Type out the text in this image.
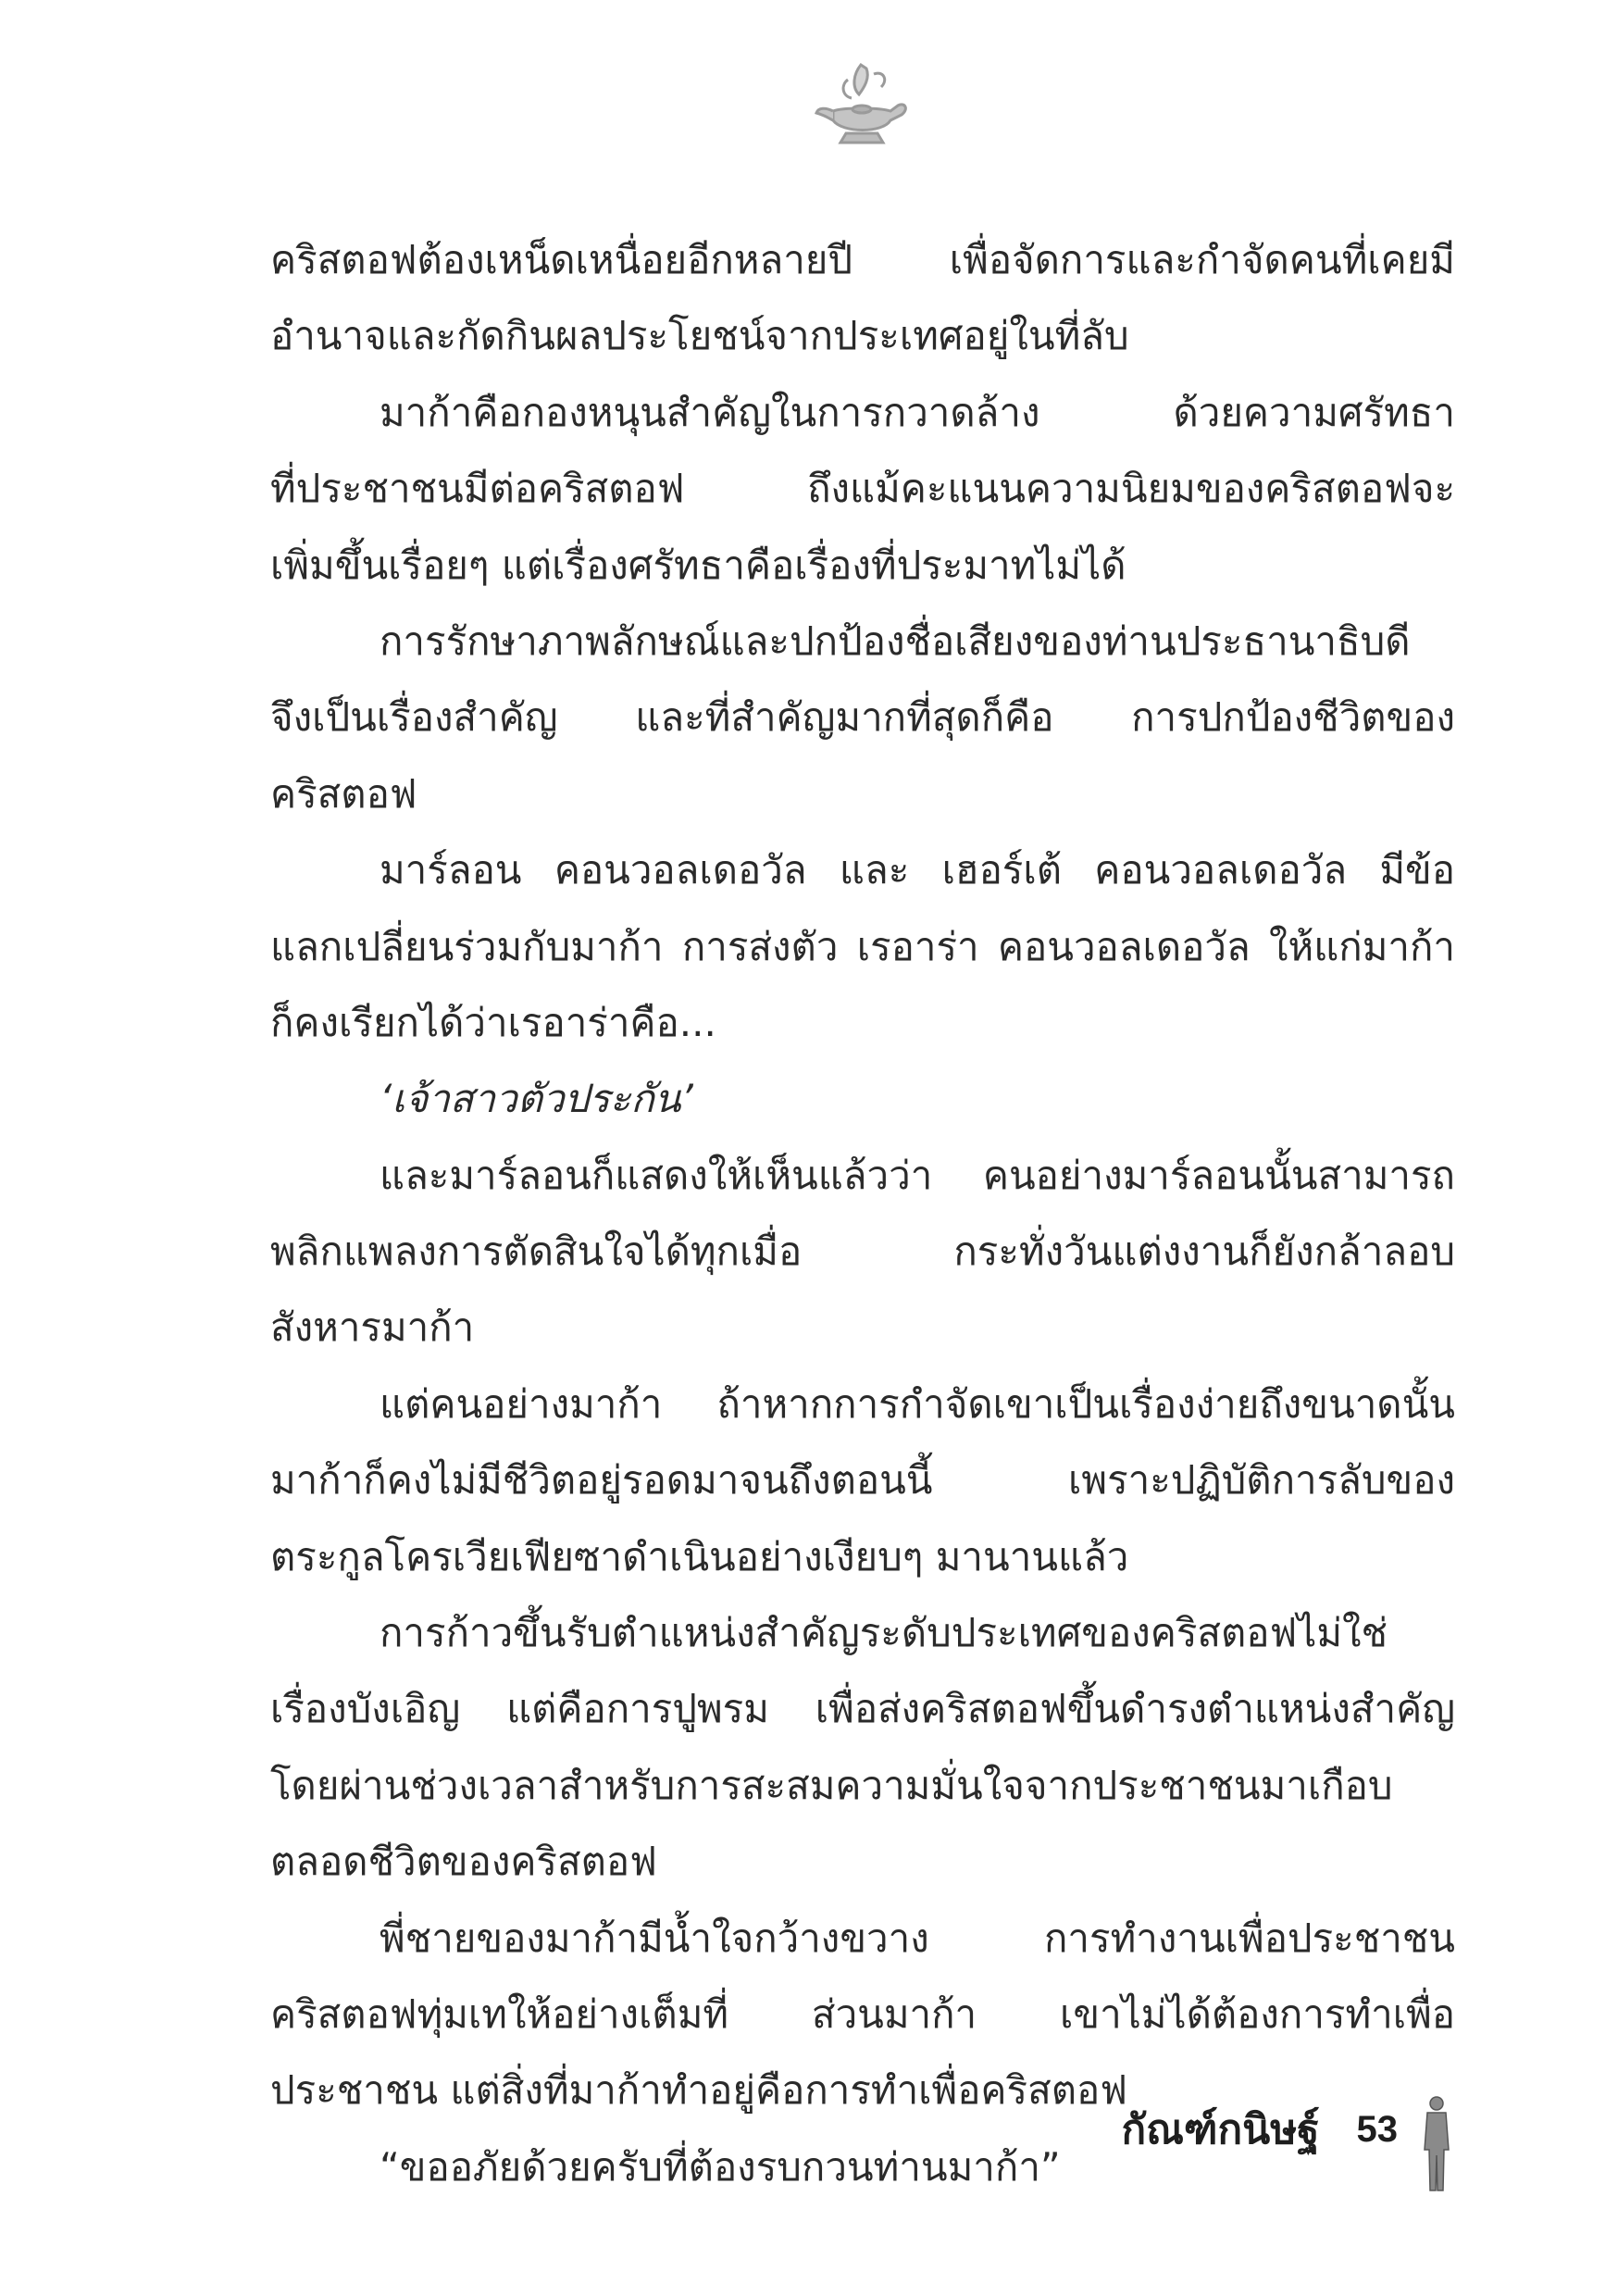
คริสตอฟต้องเหน็ดเหนื่อยอีกหลายปี เพื่อจัดการและกำจัดคนที่เคยมี
อำนาจและกัดกินผลประโยชน์จากประเทศอยู่ในที่ลับ
มาก้าคือกองหนุนสำคัญในการกวาดล้าง ด้วยความศรัทธา
ที่ประชาชนมีต่อคริสตอฟ ถึงแม้คะแนนความนิยมของคริสตอฟจะ
เพิ่มขึ้นเรื่อยๆ แต่เรื่องศรัทธาคือเรื่องที่ประมาทไม่ได้
การรักษาภาพลักษณ์และปกป้องชื่อเสียงของท่านประธานาธิบดี
จึงเป็นเรื่องสำคัญ และที่สำคัญมากที่สุดก็คือ การปกป้องชีวิตของ
คริสตอฟ
มาร์ลอน คอนวอลเดอวัล และ เฮอร์เต้ คอนวอลเดอวัล มีข้อ
แลกเปลี่ยนร่วมกับมาก้า การส่งตัว เรอาร่า คอนวอลเดอวัล ให้แก่มาก้า
ก็คงเรียกได้ว่าเรอาร่าคือ...
‘เจ้าสาวตัวประกัน’
และมาร์ลอนก็แสดงให้เห็นแล้วว่า คนอย่างมาร์ลอนนั้นสามารถ
พลิกแพลงการตัดสินใจได้ทุกเมื่อ กระทั่งวันแต่งงานก็ยังกล้าลอบ
สังหารมาก้า
แต่คนอย่างมาก้า ถ้าหากการกำจัดเขาเป็นเรื่องง่ายถึงขนาดนั้น
มาก้าก็คงไม่มีชีวิตอยู่รอดมาจนถึงตอนนี้ เพราะปฏิบัติการลับของ
ตระกูลโครเวียเฟียซาดำเนินอย่างเงียบๆ มานานแล้ว
การก้าวขึ้นรับตำแหน่งสำคัญระดับประเทศของคริสตอฟไม่ใช่
เรื่องบังเอิญ แต่คือการปูพรม เพื่อส่งคริสตอฟขึ้นดำรงตำแหน่งสำคัญ
โดยผ่านช่วงเวลาสำหรับการสะสมความมั่นใจจากประชาชนมาเกือบ
ตลอดชีวิตของคริสตอฟ
พี่ชายของมาก้ามีน้ำใจกว้างขวาง การทำงานเพื่อประชาชน
คริสตอฟทุ่มเทให้อย่างเต็มที่ ส่วนมาก้า เขาไม่ได้ต้องการทำเพื่อ
ประชาชน แต่สิ่งที่มาก้าทำอยู่คือการทำเพื่อคริสตอฟ
“ขออภัยด้วยครับที่ต้องรบกวนท่านมาก้า”
กัณฑ์กนิษฐ์ 53
